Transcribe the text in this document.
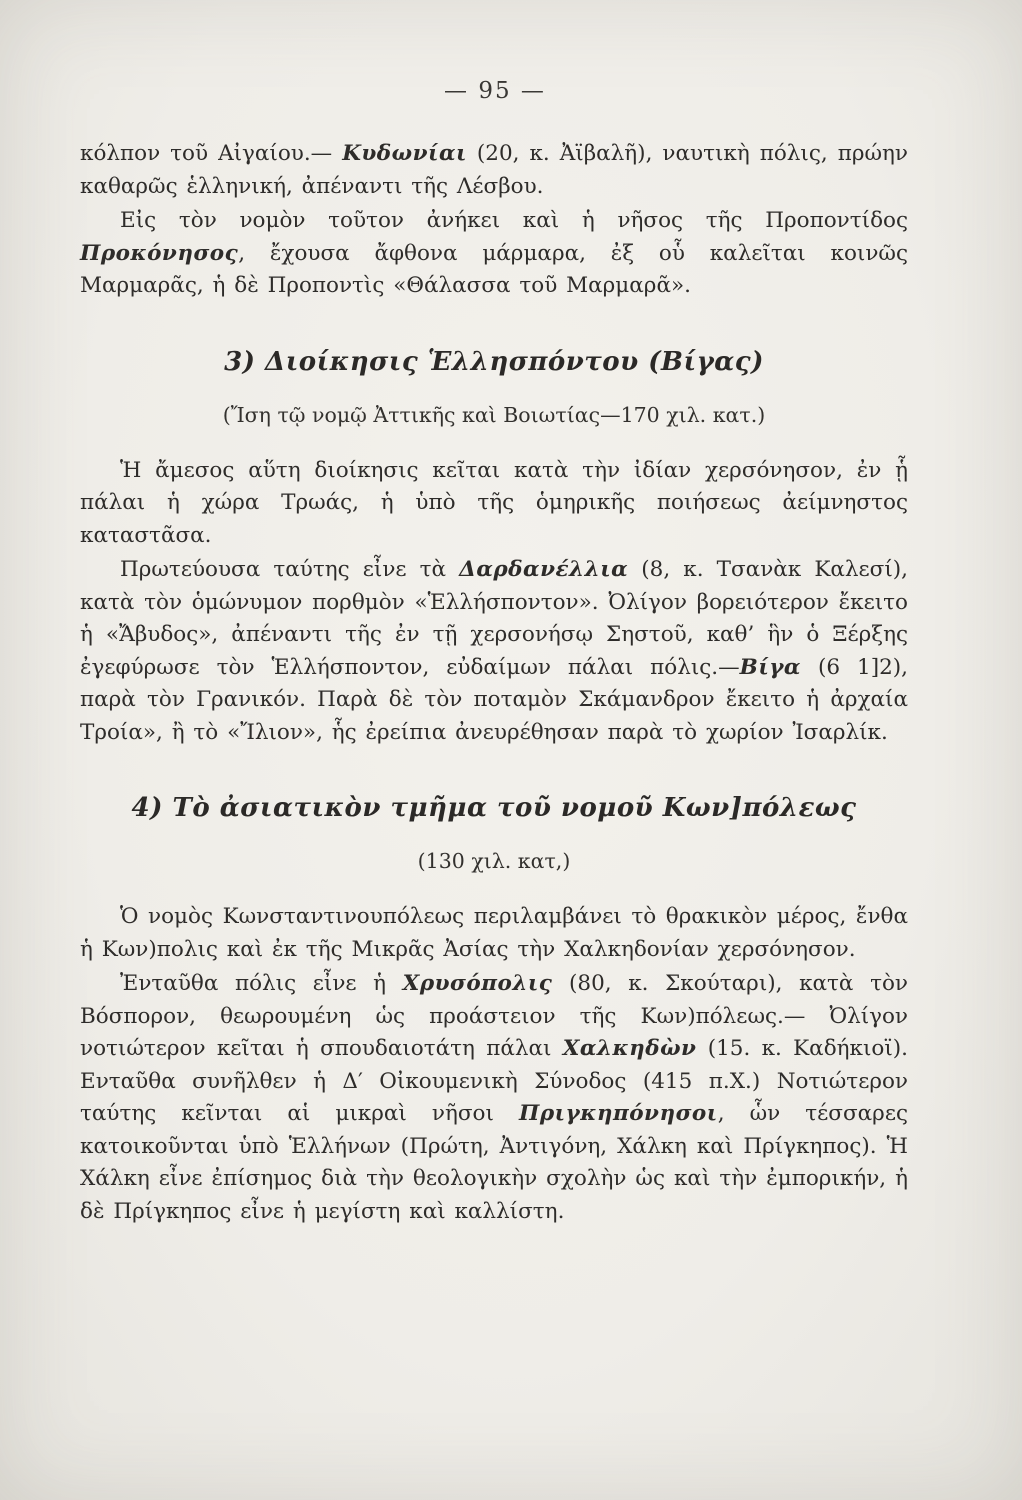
— 95 —

κόλπον τοῦ Αἰγαίου.— Κυδωνίαι (20, κ. Ἀϊβαλῆ), ναυτικὴ πόλις, πρώην καθαρῶς ἑλληνική, ἀπέναντι τῆς Λέσβου.

Εἰς τὸν νομὸν τοῦτον ἀνήκει καὶ ἡ νῆσος τῆς Προποντίδος Προκόνησος, ἔχουσα ἄφθονα μάρμαρα, ἐξ οὗ καλεῖται κοινῶς Μαρμαρᾶς, ἡ δὲ Προποντὶς «Θάλασσα τοῦ Μαρμαρᾶ».

3) Διοίκησις Ἑλλησπόντου (Βίγας)

(Ἴση τῷ νομῷ Ἀττικῆς καὶ Βοιωτίας—170 χιλ. κατ.)

Ἡ ἄμεσος αὕτη διοίκησις κεῖται κατὰ τὴν ἰδίαν χερσόνησον, ἐν ᾗ πάλαι ἡ χώρα Τρωάς, ἡ ὑπὸ τῆς ὁμηρικῆς ποιήσεως ἀείμνηστος καταστᾶσα.

Πρωτεύουσα ταύτης εἶνε τὰ Δαρδανέλλια (8, κ. Τσανὰκ Καλεσί), κατὰ τὸν ὁμώνυμον πορθμὸν «Ἑλλήσποντον». Ὀλίγον βορειότερον ἔκειτο ἡ «Ἄβυδος», ἀπέναντι τῆς ἐν τῇ χερσονήσῳ Σηστοῦ, καθ’ ἣν ὁ Ξέρξης ἐγεφύρωσε τὸν Ἑλλήσποντον, εὐδαίμων πάλαι πόλις.—Βίγα (6 1]2), παρὰ τὸν Γρανικόν. Παρὰ δὲ τὸν ποταμὸν Σκάμανδρον ἔκειτο ἡ ἀρχαία Τροία», ἢ τὸ «Ἴλιον», ἧς ἐρείπια ἀνευρέθησαν παρὰ τὸ χωρίον Ἰσαρλίκ.

4) Τὸ ἀσιατικὸν τμῆμα τοῦ νομοῦ Κων]πόλεως

(130 χιλ. κατ,)

Ὁ νομὸς Κωνσταντινουπόλεως περιλαμβάνει τὸ θρακικὸν μέρος, ἔνθα ἡ Κων)πολις καὶ ἐκ τῆς Μικρᾶς Ἀσίας τὴν Χαλκηδονίαν χερσόνησον.

Ἐνταῦθα πόλις εἶνε ἡ Χρυσόπολις (80, κ. Σκούταρι), κατὰ τὸν Βόσπορον, θεωρουμένη ὡς προάστειον τῆς Κων)πόλεως.— Ὀλίγον νοτιώτερον κεῖται ἡ σπουδαιοτάτη πάλαι Χαλκηδὼν (15. κ. Καδήκιοϊ). Ενταῦθα συνῆλθεν ἡ Δ′ Οἰκουμενικὴ Σύνοδος (415 π.Χ.) Νοτιώτερον ταύτης κεῖνται αἱ μικραὶ νῆσοι Πριγκηπόνησοι, ὧν τέσσαρες κατοικοῦνται ὑπὸ Ἑλλήνων (Πρώτη, Ἀντιγόνη, Χάλκη καὶ Πρίγκηπος). Ἡ Χάλκη εἶνε ἐπίσημος διὰ τὴν θεολογικὴν σχολὴν ὡς καὶ τὴν ἐμπορικήν, ἡ δὲ Πρίγκηπος εἶνε ἡ μεγίστη καὶ καλλίστη.
